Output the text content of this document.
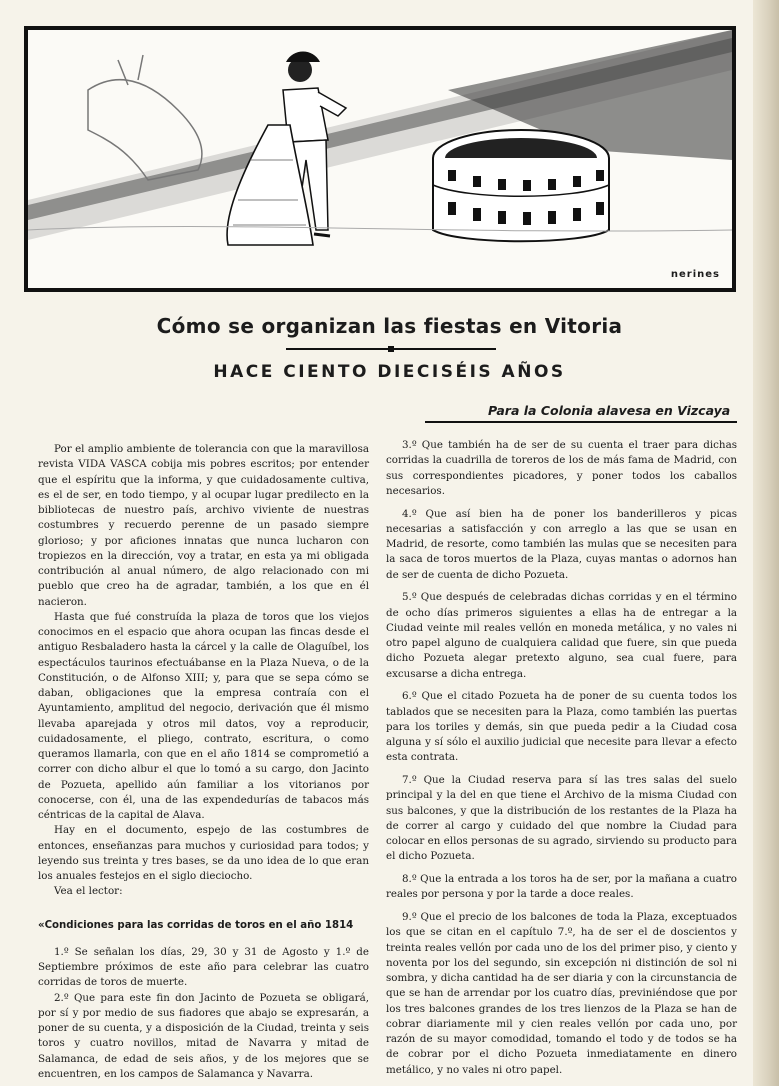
nerines
Cómo se organizan las fiestas en Vitoria
HACE CIENTO DIECISÉIS AÑOS
Para la Colonia alavesa en Vizcaya

Por el amplio ambiente de tolerancia con que la maravillosa revista VIDA VASCA cobija mis pobres escritos; por entender que el espíritu que la informa, y que cuidadosamente cultiva, es el de ser, en todo tiempo, y al ocupar lugar predilecto en la bibliotecas de nuestro país, archivo viviente de nuestras costumbres y recuerdo perenne de un pasado siempre glorioso; y por aficiones innatas que nunca lucharon con tropiezos en la dirección, voy a tratar, en esta ya mi obligada contribución al anual número, de algo relacionado con mi pueblo que creo ha de agradar, también, a los que en él nacieron.

Hasta que fué construída la plaza de toros que los viejos conocimos en el espacio que ahora ocupan las fincas desde el antiguo Resbaladero hasta la cárcel y la calle de Olaguíbel, los espectáculos taurinos efectuábanse en la Plaza Nueva, o de la Constitución, o de Alfonso XIII; y, para que se sepa cómo se daban, obligaciones que la empresa contraía con el Ayuntamiento, amplitud del negocio, derivación que él mismo llevaba aparejada y otros mil datos, voy a reproducir, cuidadosamente, el pliego, contrato, escritura, o como queramos llamarla, con que en el año 1814 se comprometió a correr con dicho albur el que lo tomó a su cargo, don Jacinto de Pozueta, apellido aún familiar a los vitorianos por conocerse, con él, una de las expendedurías de tabacos más céntricas de la capital de Alava.

Hay en el documento, espejo de las costumbres de entonces, enseñanzas para muchos y curiosidad para todos; y leyendo sus treinta y tres bases, se da uno idea de lo que eran los anuales festejos en el siglo dieciocho.

Vea el lector:

«Condiciones para las corridas de toros en el año 1814

1.º Se señalan los días, 29, 30 y 31 de Agosto y 1.º de Septiembre próximos de este año para celebrar las cuatro corridas de toros de muerte.

2.º Que para este fin don Jacinto de Pozueta se obligará, por sí y por medio de sus fiadores que abajo se expresarán, a poner de su cuenta, y a disposición de la Ciudad, treinta y seis toros y cuatro novillos, mitad de Navarra y mitad de Salamanca, de edad de seis años, y de los mejores que se encuentren, en los campos de Salamanca y Navarra.

3.º Que también ha de ser de su cuenta el traer para dichas corridas la cuadrilla de toreros de los de más fama de Madrid, con sus correspondientes picadores, y poner todos los caballos necesarios.

4.º Que así bien ha de poner los banderilleros y picas necesarias a satisfacción y con arreglo a las que se usan en Madrid, de resorte, como también las mulas que se necesiten para la saca de toros muertos de la Plaza, cuyas mantas o adornos han de ser de cuenta de dicho Pozueta.

5.º Que después de celebradas dichas corridas y en el término de ocho días primeros siguientes a ellas ha de entregar a la Ciudad veinte mil reales vellón en moneda metálica, y no vales ni otro papel alguno de cualquiera calidad que fuere, sin que pueda dicho Pozueta alegar pretexto alguno, sea cual fuere, para excusarse a dicha entrega.

6.º Que el citado Pozueta ha de poner de su cuenta todos los tablados que se necesiten para la Plaza, como también las puertas para los toriles y demás, sin que pueda pedir a la Ciudad cosa alguna y sí sólo el auxilio judicial que necesite para llevar a efecto esta contrata.

7.º Que la Ciudad reserva para sí las tres salas del suelo principal y la del en que tiene el Archivo de la misma Ciudad con sus balcones, y que la distribución de los restantes de la Plaza ha de correr al cargo y cuidado del que nombre la Ciudad para colocar en ellos personas de su agrado, sirviendo su producto para el dicho Pozueta.

8.º Que la entrada a los toros ha de ser, por la mañana a cuatro reales por persona y por la tarde a doce reales.

9.º Que el precio de los balcones de toda la Plaza, exceptuados los que se citan en el capítulo 7.º, ha de ser el de doscientos y treinta reales vellón por cada uno de los del primer piso, y ciento y noventa por los del segundo, sin excepción ni distinción de sol ni sombra, y dicha cantidad ha de ser diaria y con la circunstancia de que se han de arrendar por los cuatro días, previniéndose que por los tres balcones grandes de los tres lienzos de la Plaza se han de cobrar diariamente mil y cien reales vellón por cada uno, por razón de su mayor comodidad, tomando el todo y de todos se ha de cobrar por el dicho Pozueta inmediatamente en dinero metálico, y no vales ni otro papel.
